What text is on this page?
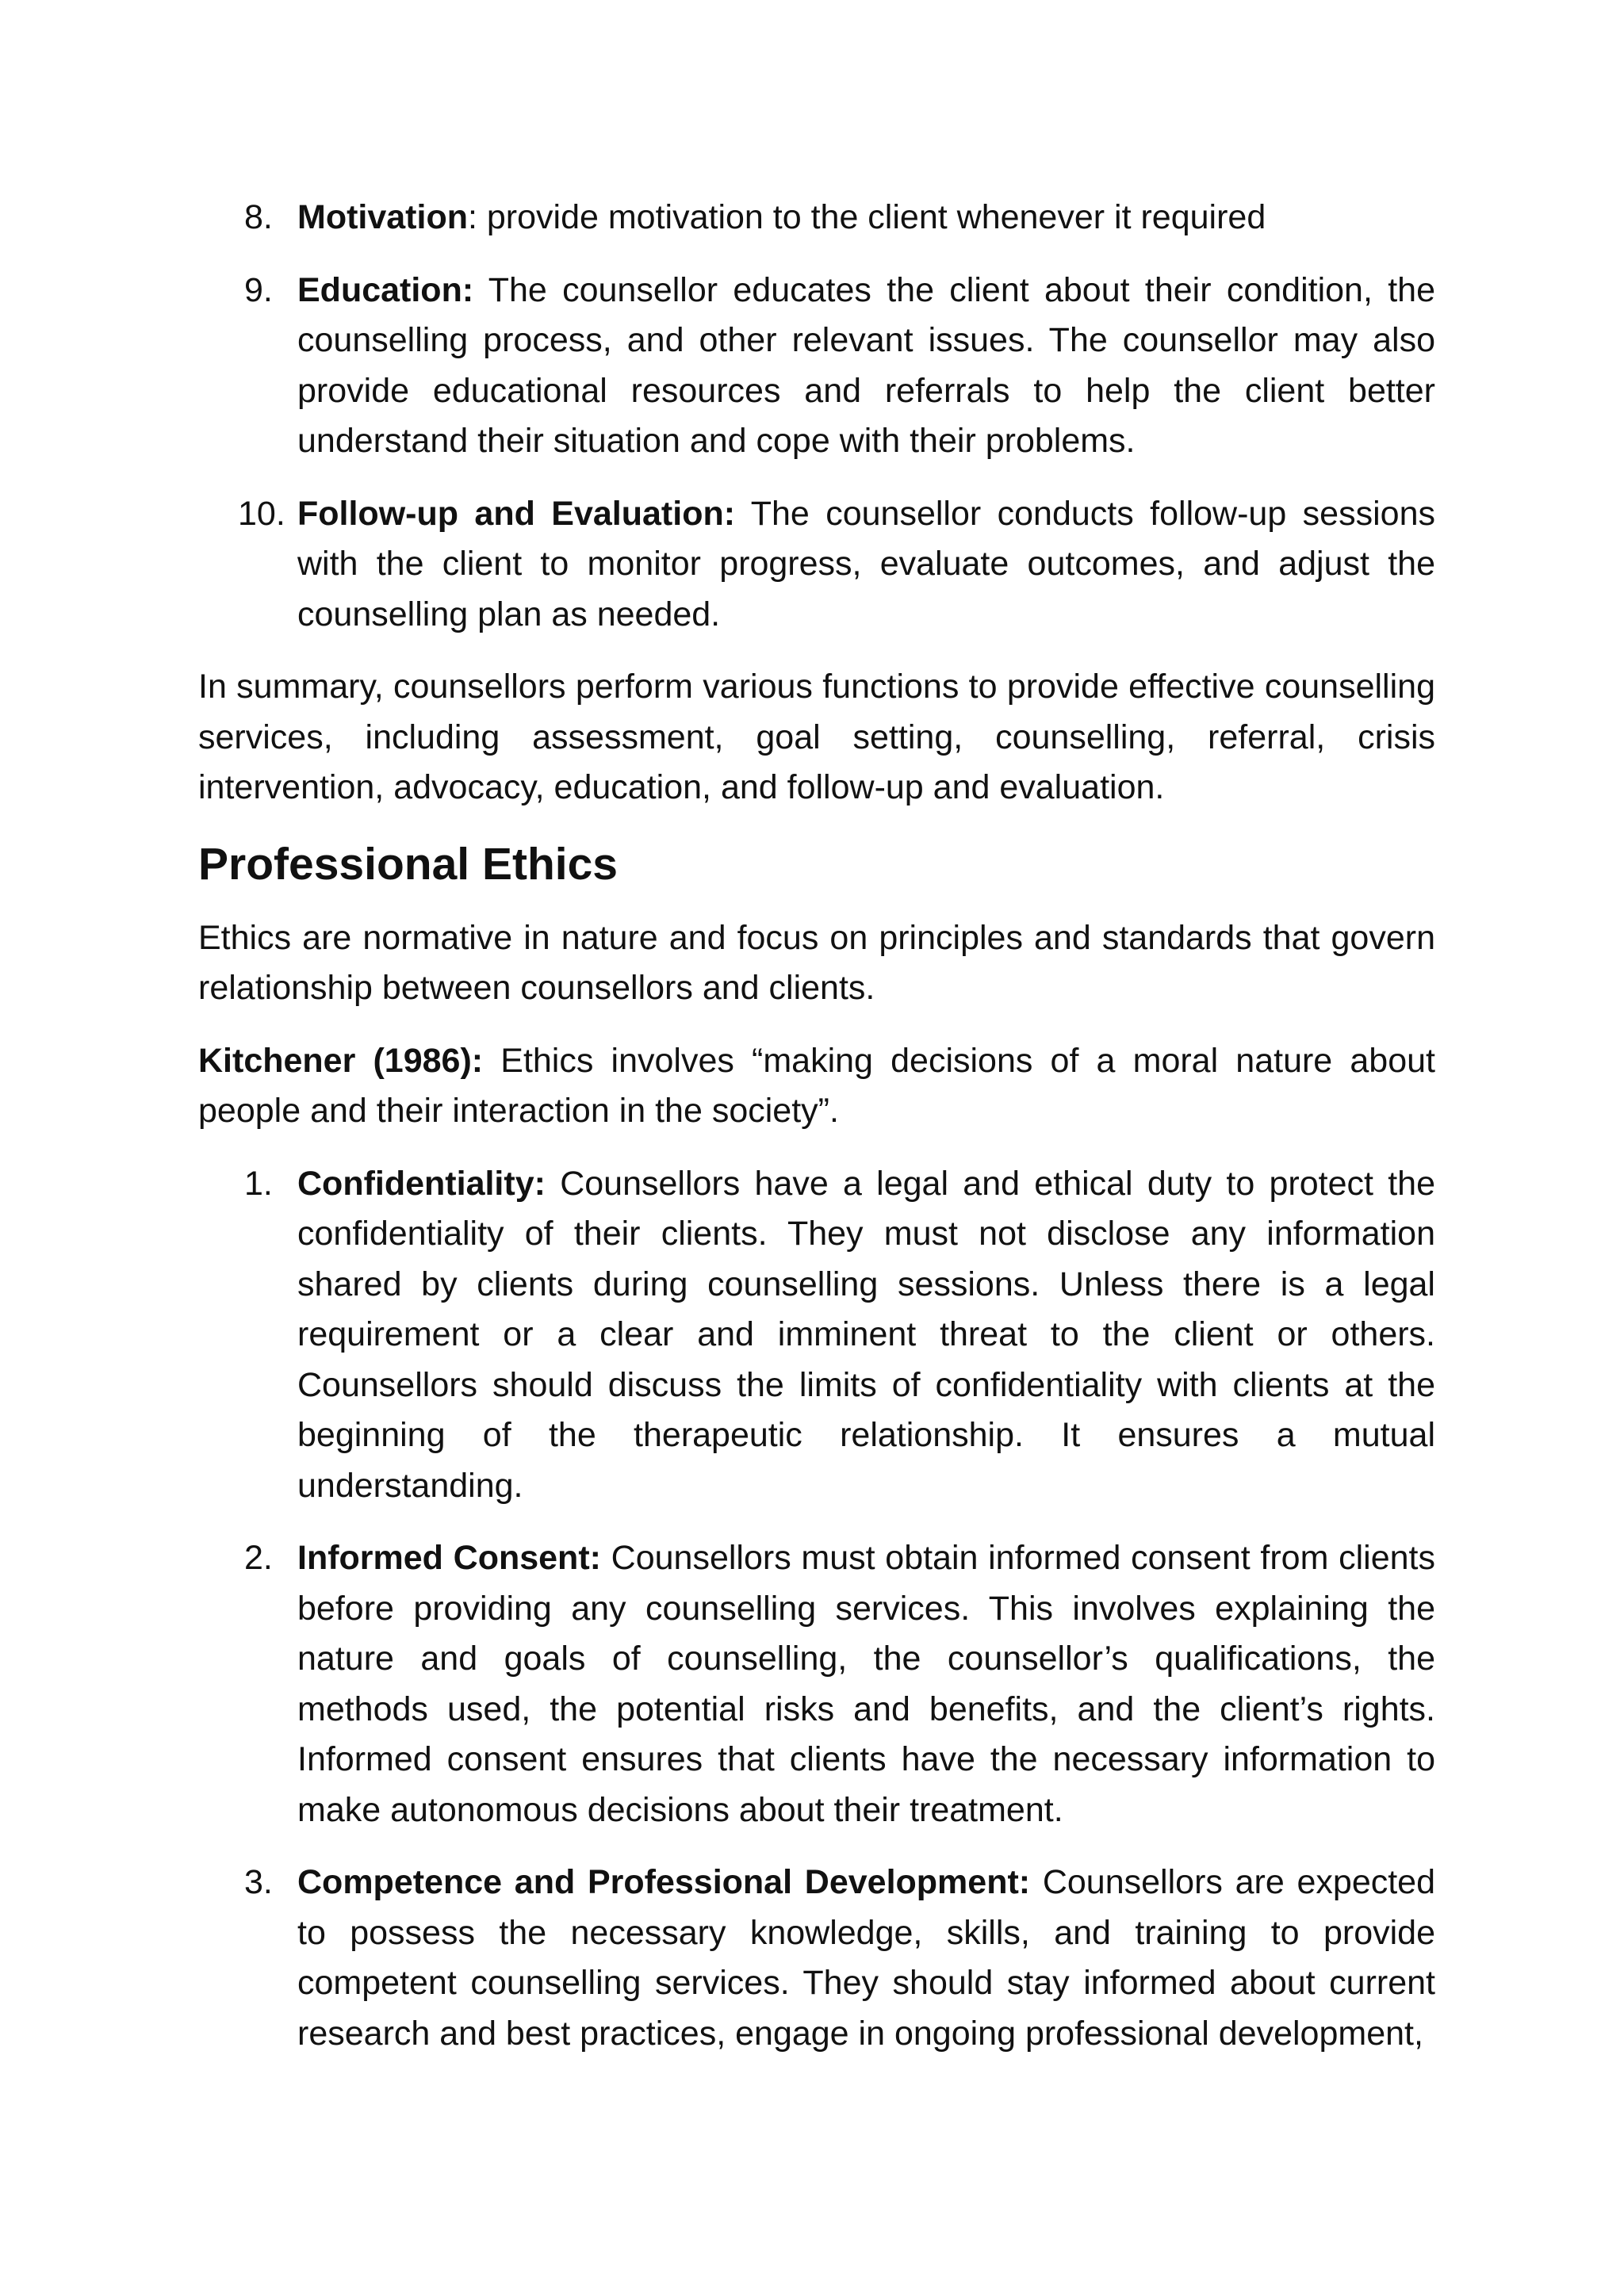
8. Motivation: provide motivation to the client whenever it required
9. Education: The counsellor educates the client about their condition, the counselling process, and other relevant issues. The counsellor may also provide educational resources and referrals to help the client better understand their situation and cope with their problems.
10. Follow-up and Evaluation: The counsellor conducts follow-up sessions with the client to monitor progress, evaluate outcomes, and adjust the counselling plan as needed.

In summary, counsellors perform various functions to provide effective counselling services, including assessment, goal setting, counselling, referral, crisis intervention, advocacy, education, and follow-up and evaluation.

Professional Ethics

Ethics are normative in nature and focus on principles and standards that govern relationship between counsellors and clients.

Kitchener (1986): Ethics involves “making decisions of a moral nature about people and their interaction in the society”.

1. Confidentiality: Counsellors have a legal and ethical duty to protect the confidentiality of their clients. They must not disclose any information shared by clients during counselling sessions. Unless there is a legal requirement or a clear and imminent threat to the client or others. Counsellors should discuss the limits of confidentiality with clients at the beginning of the therapeutic relationship. It ensures a mutual understanding.
2. Informed Consent: Counsellors must obtain informed consent from clients before providing any counselling services. This involves explaining the nature and goals of counselling, the counsellor’s qualifications, the methods used, the potential risks and benefits, and the client’s rights. Informed consent ensures that clients have the necessary information to make autonomous decisions about their treatment.
3. Competence and Professional Development: Counsellors are expected to possess the necessary knowledge, skills, and training to provide competent counselling services. They should stay informed about current research and best practices, engage in ongoing professional development,
